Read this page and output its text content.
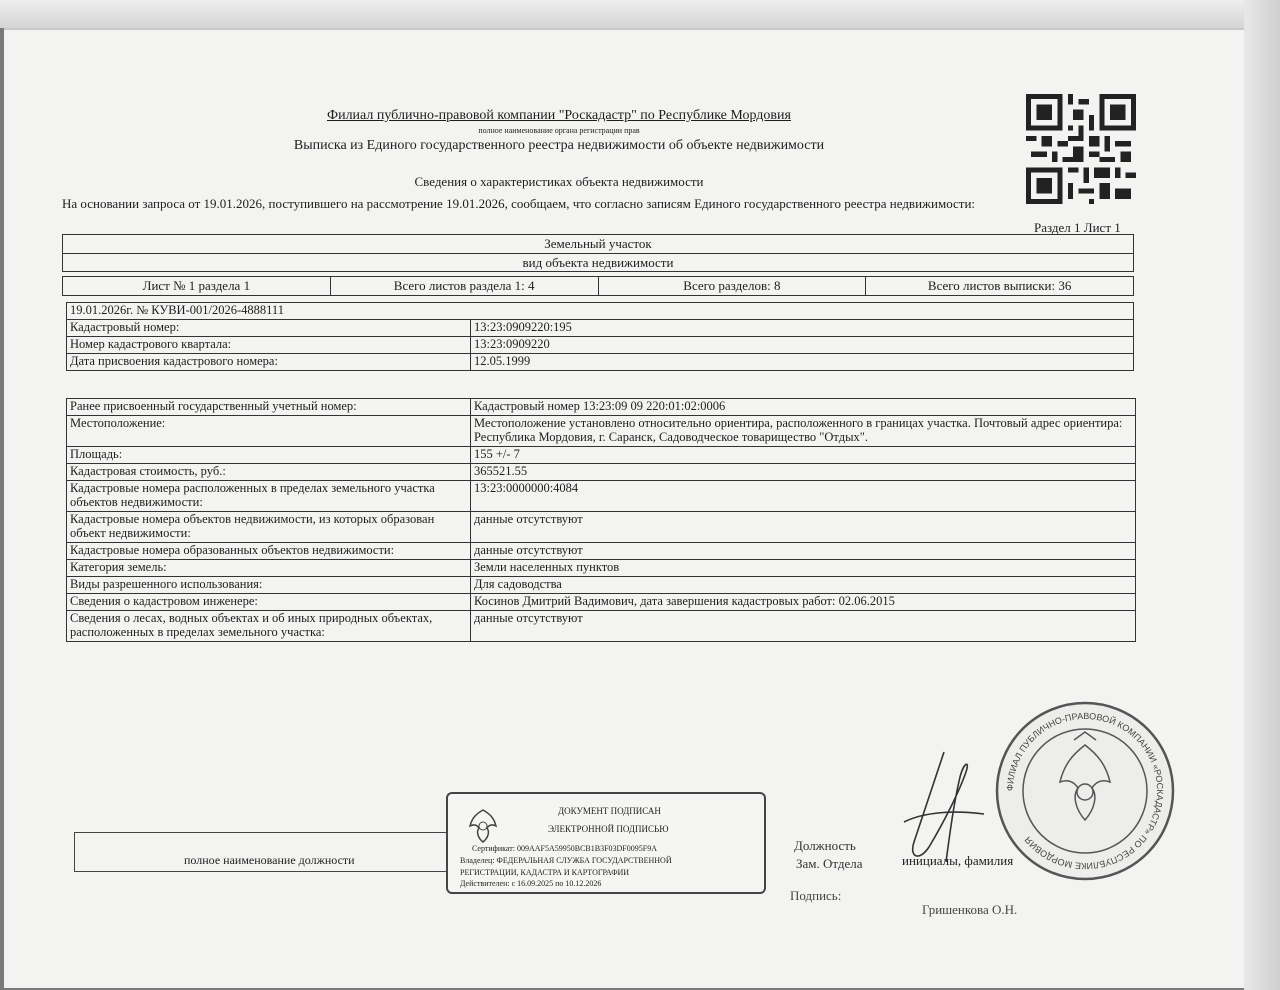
Филиал публично-правовой компании "Роскадастр" по Республике Мордовия
полное наименование органа регистрации прав
Выписка из Единого государственного реестра недвижимости об объекте недвижимости
Сведения о характеристиках объекта недвижимости
На основании запроса от 19.01.2026, поступившего на рассмотрение 19.01.2026, сообщаем, что согласно записям Единого государственного реестра недвижимости:
Раздел 1 Лист 1
Земельный участок
вид объекта недвижимости
Лист № 1 раздела 1	Всего листов раздела 1: 4	Всего разделов: 8	Всего листов выписки: 36
19.01.2026г. № КУВИ-001/2026-4888111	
Кадастровый номер:	13:23:0909220:195
Номер кадастрового квартала:	13:23:0909220
Дата присвоения кадастрового номера:	12.05.1999
Ранее присвоенный государственный учетный номер:	Кадастровый номер 13:23:09 09 220:01:02:0006
Местоположение:	Местоположение установлено относительно ориентира, расположенного в границах участка. Почтовый адрес ориентира: Республика Мордовия, г. Саранск, Садоводческое товарищество "Отдых".
Площадь:	155 +/- 7
Кадастровая стоимость, руб.:	365521.55
Кадастровые номера расположенных в пределах земельного участка объектов недвижимости:	13:23:0000000:4084
Кадастровые номера объектов недвижимости, из которых образован объект недвижимости:	данные отсутствуют
Кадастровые номера образованных объектов недвижимости:	данные отсутствуют
Категория земель:	Земли населенных пунктов
Виды разрешенного использования:	Для садоводства
Сведения о кадастровом инженере:	Косинов Дмитрий Вадимович, дата завершения кадастровых работ: 02.06.2015
Сведения о лесах, водных объектах и об иных природных объектах, расположенных в пределах земельного участка:	данные отсутствуют
полное наименование должности
ДОКУМЕНТ ПОДПИСАН
ЭЛЕКТРОННОЙ ПОДПИСЬЮ
Сертификат: 009AAF5A59950BCB1B3F03DF0095F9A
Владелец: ФЕДЕРАЛЬНАЯ СЛУЖБА ГОСУДАРСТВЕННОЙ
РЕГИСТРАЦИИ, КАДАСТРА И КАРТОГРАФИИ
Действителен: с 16.09.2025 по 10.12.2026
Должность
Зам. Отдела	инициалы, фамилия
Подпись:
Гришенкова О.Н.
ФИЛИАЛ ПУБЛИЧНО-ПРАВОВОЙ КОМПАНИИ «РОСКАДАСТР» ПО РЕСПУБЛИКЕ МОРДОВИЯ
